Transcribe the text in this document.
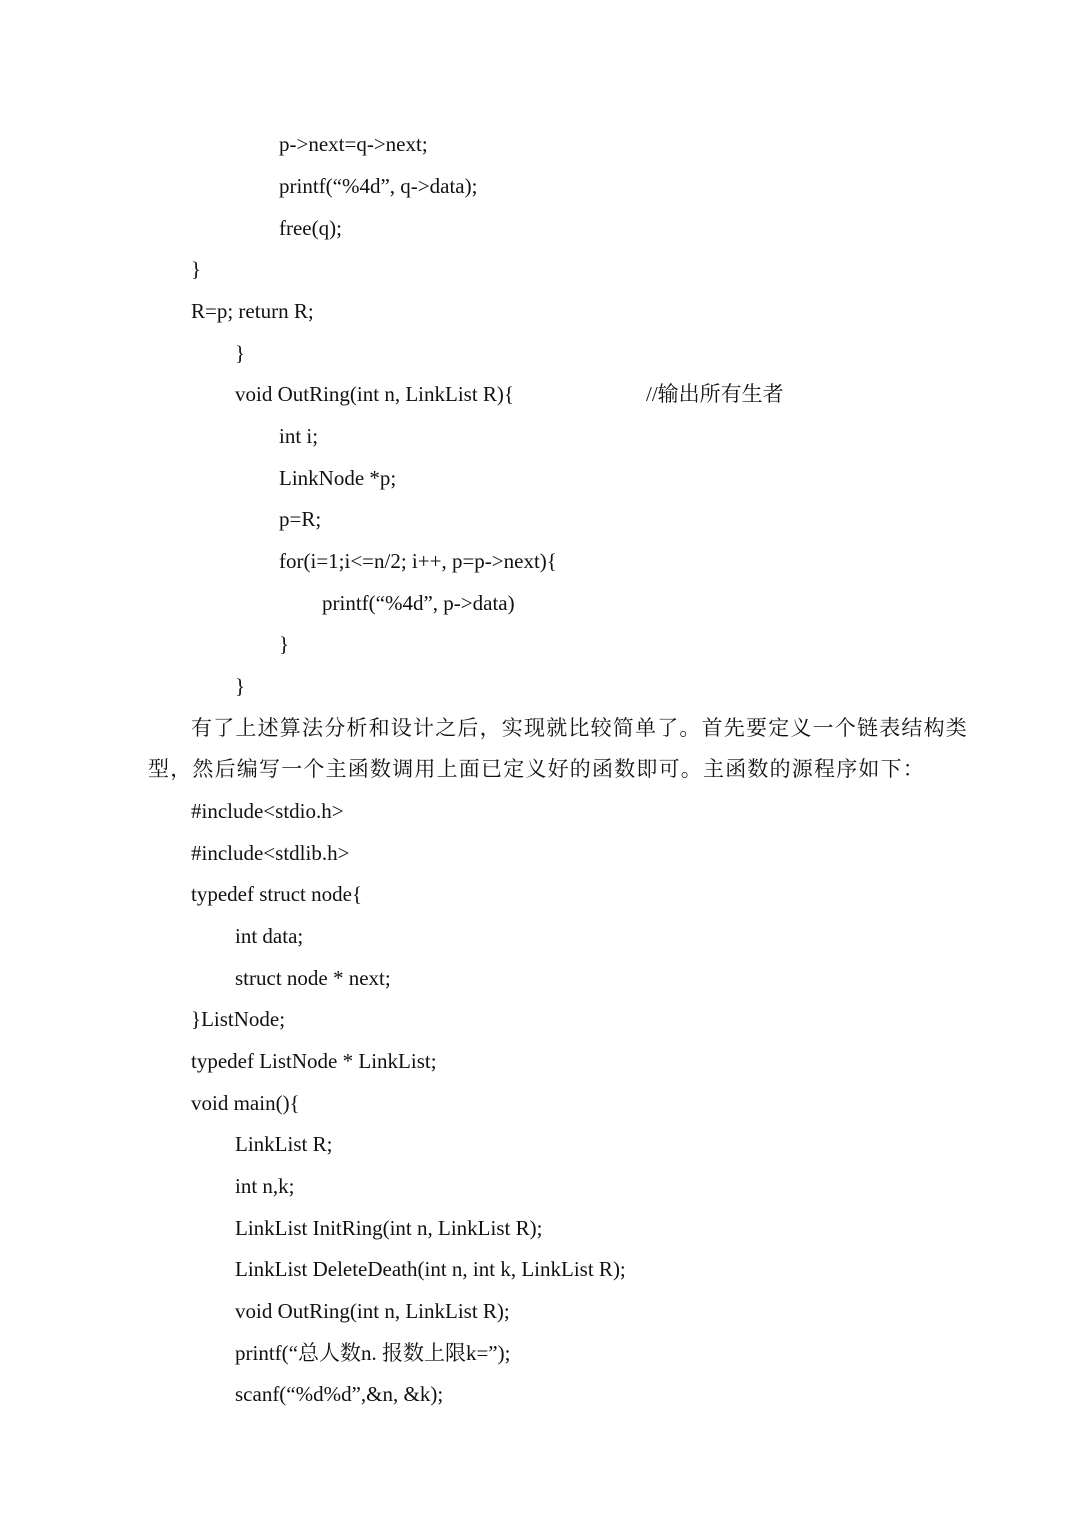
p->next=q->next;
printf(“%4d”, q->data);
free(q);
}
R=p; return R;
}
void OutRing(int n, LinkList R){	//输出所有生者
int i;
LinkNode *p;
p=R;
for(i=1;i<=n/2; i++, p=p->next){
printf(“%4d”, p->data)
}
}
有了上述算法分析和设计之后，实现就比较简单了。首先要定义一个链表结构类
型，然后编写一个主函数调用上面已定义好的函数即可。主函数的源程序如下：
#include<stdio.h>
#include<stdlib.h>
typedef struct node{
int data;
struct node * next;
}ListNode;
typedef ListNode * LinkList;
void main(){
LinkList R;
int n,k;
LinkList InitRing(int n, LinkList R);
LinkList DeleteDeath(int n, int k, LinkList R);
void OutRing(int n, LinkList R);
printf(“总人数n. 报数上限k=”);
scanf(“%d%d”,&n, &k);
